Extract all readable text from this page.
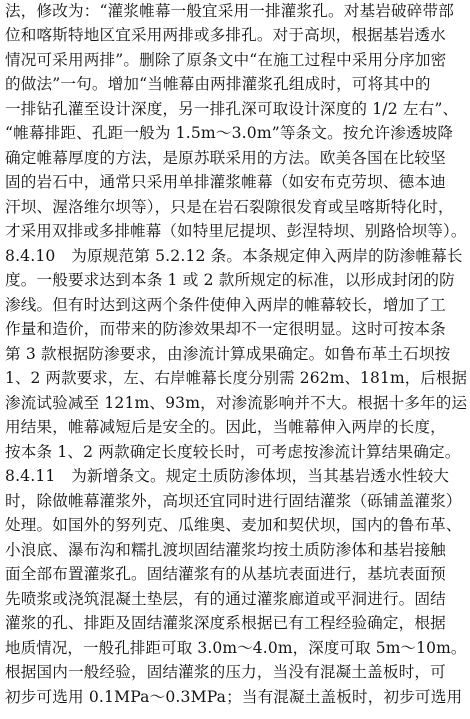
法，修改为：“灌浆帷幕一般宜采用一排灌浆孔。对基岩破碎带部
位和喀斯特地区宜采用两排或多排孔。对于高坝，根据基岩透水
情况可采用两排”。删除了原条文中“在施工过程中采用分序加密
的做法”一句。增加“当帷幕由两排灌浆孔组成时，可将其中的
一排钻孔灌至设计深度，另一排孔深可取设计深度的 1/2 左右”、
“帷幕排距、孔距一般为 1.5m～3.0m”等条文。按允许渗透坡降
确定帷幕厚度的方法，是原苏联采用的方法。欧美各国在比较坚
固的岩石中，通常只采用单排灌浆帷幕（如安布克劳坝、德本迪
汗坝、渥洛维尔坝等），只是在岩石裂隙很发育或呈喀斯特化时，
才采用双排或多排帷幕（如特里尼提坝、彭涅特坝、别路恰坝等）。
8.4.10　为原规范第 5.2.12 条。本条规定伸入两岸的防渗帷幕长
度。一般要求达到本条 1 或 2 款所规定的标准，以形成封闭的防
渗线。但有时达到这两个条件使伸入两岸的帷幕较长，增加了工
作量和造价，而带来的防渗效果却不一定很明显。这时可按本条
第 3 款根据防渗要求，由渗流计算成果确定。如鲁布革土石坝按
1、2 两款要求，左、右岸帷幕长度分别需 262m、181m，后根据
渗流试验减至 121m、93m，对渗流影响并不大。根据十多年的运
用结果，帷幕减短后是安全的。因此，当帷幕伸入两岸的长度，
按本条 1、2 两款确定长度较长时，可考虑按渗流计算结果确定。
8.4.11　为新增条文。规定土质防渗体坝，当其基岩透水性较大
时，除做帷幕灌浆外，高坝还宜同时进行固结灌浆（砾铺盖灌浆）
处理。如国外的努列克、瓜维奥、麦加和契伏坝，国内的鲁布革、
小浪底、瀑布沟和糯扎渡坝固结灌浆均按土质防渗体和基岩接触
面全部布置灌浆孔。固结灌浆有的从基坑表面进行，基坑表面预
先喷浆或浇筑混凝土垫层，有的通过灌浆廊道或平洞进行。固结
灌浆的孔、排距及固结灌浆深度系根据已有工程经验确定，根据
地质情况，一般孔排距可取 3.0m～4.0m，深度可取 5m～10m。
根据国内一般经验，固结灌浆的压力，当没有混凝土盖板时，可
初步可选用 0.1MPa～0.3MPa；当有混凝土盖板时，初步可选用
